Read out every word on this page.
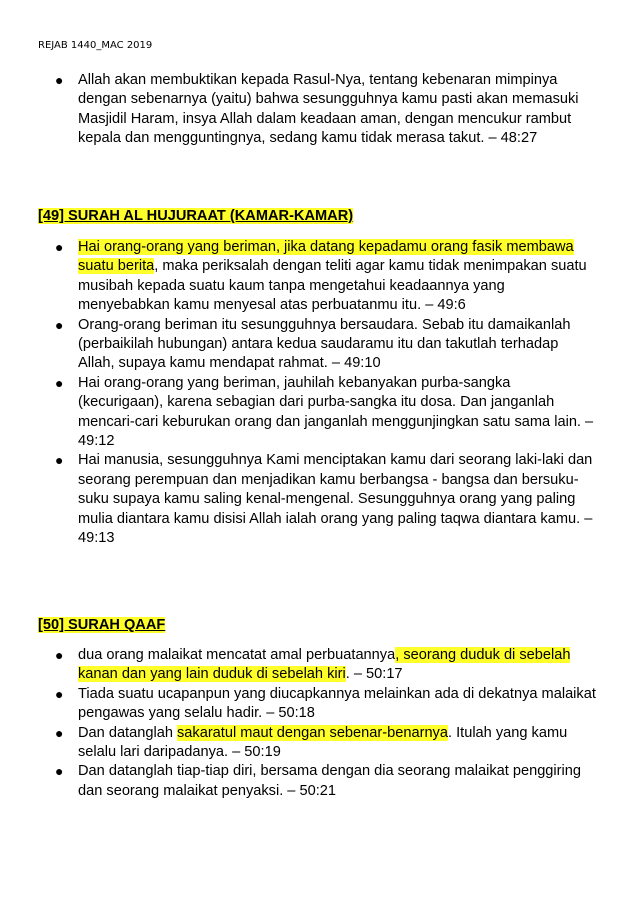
REJAB 1440_MAC 2019
● Allah akan membuktikan kepada Rasul-Nya, tentang kebenaran mimpinya dengan sebenarnya (yaitu) bahwa sesungguhnya kamu pasti akan memasuki Masjidil Haram, insya Allah dalam keadaan aman, dengan mencukur rambut kepala dan mengguntingnya, sedang kamu tidak merasa takut. – 48:27
[49] SURAH AL HUJURAAT (KAMAR-KAMAR)
● Hai orang-orang yang beriman, jika datang kepadamu orang fasik membawa suatu berita, maka periksalah dengan teliti agar kamu tidak menimpakan suatu musibah kepada suatu kaum tanpa mengetahui keadaannya yang menyebabkan kamu menyesal atas perbuatanmu itu. – 49:6
● Orang-orang beriman itu sesungguhnya bersaudara. Sebab itu damaikanlah (perbaikilah hubungan) antara kedua saudaramu itu dan takutlah terhadap Allah, supaya kamu mendapat rahmat. – 49:10
● Hai orang-orang yang beriman, jauhilah kebanyakan purba-sangka (kecurigaan), karena sebagian dari purba-sangka itu dosa. Dan janganlah mencari-cari keburukan orang dan janganlah menggunjingkan satu sama lain. – 49:12
● Hai manusia, sesungguhnya Kami menciptakan kamu dari seorang laki-laki dan seorang perempuan dan menjadikan kamu berbangsa - bangsa dan bersuku-suku supaya kamu saling kenal-mengenal. Sesungguhnya orang yang paling mulia diantara kamu disisi Allah ialah orang yang paling taqwa diantara kamu. – 49:13
[50] SURAH QAAF
● dua orang malaikat mencatat amal perbuatannya, seorang duduk di sebelah kanan dan yang lain duduk di sebelah kiri. – 50:17
● Tiada suatu ucapanpun yang diucapkannya melainkan ada di dekatnya malaikat pengawas yang selalu hadir. – 50:18
● Dan datanglah sakaratul maut dengan sebenar-benarnya. Itulah yang kamu selalu lari daripadanya. – 50:19
● Dan datanglah tiap-tiap diri, bersama dengan dia seorang malaikat penggiring dan seorang malaikat penyaksi. – 50:21
